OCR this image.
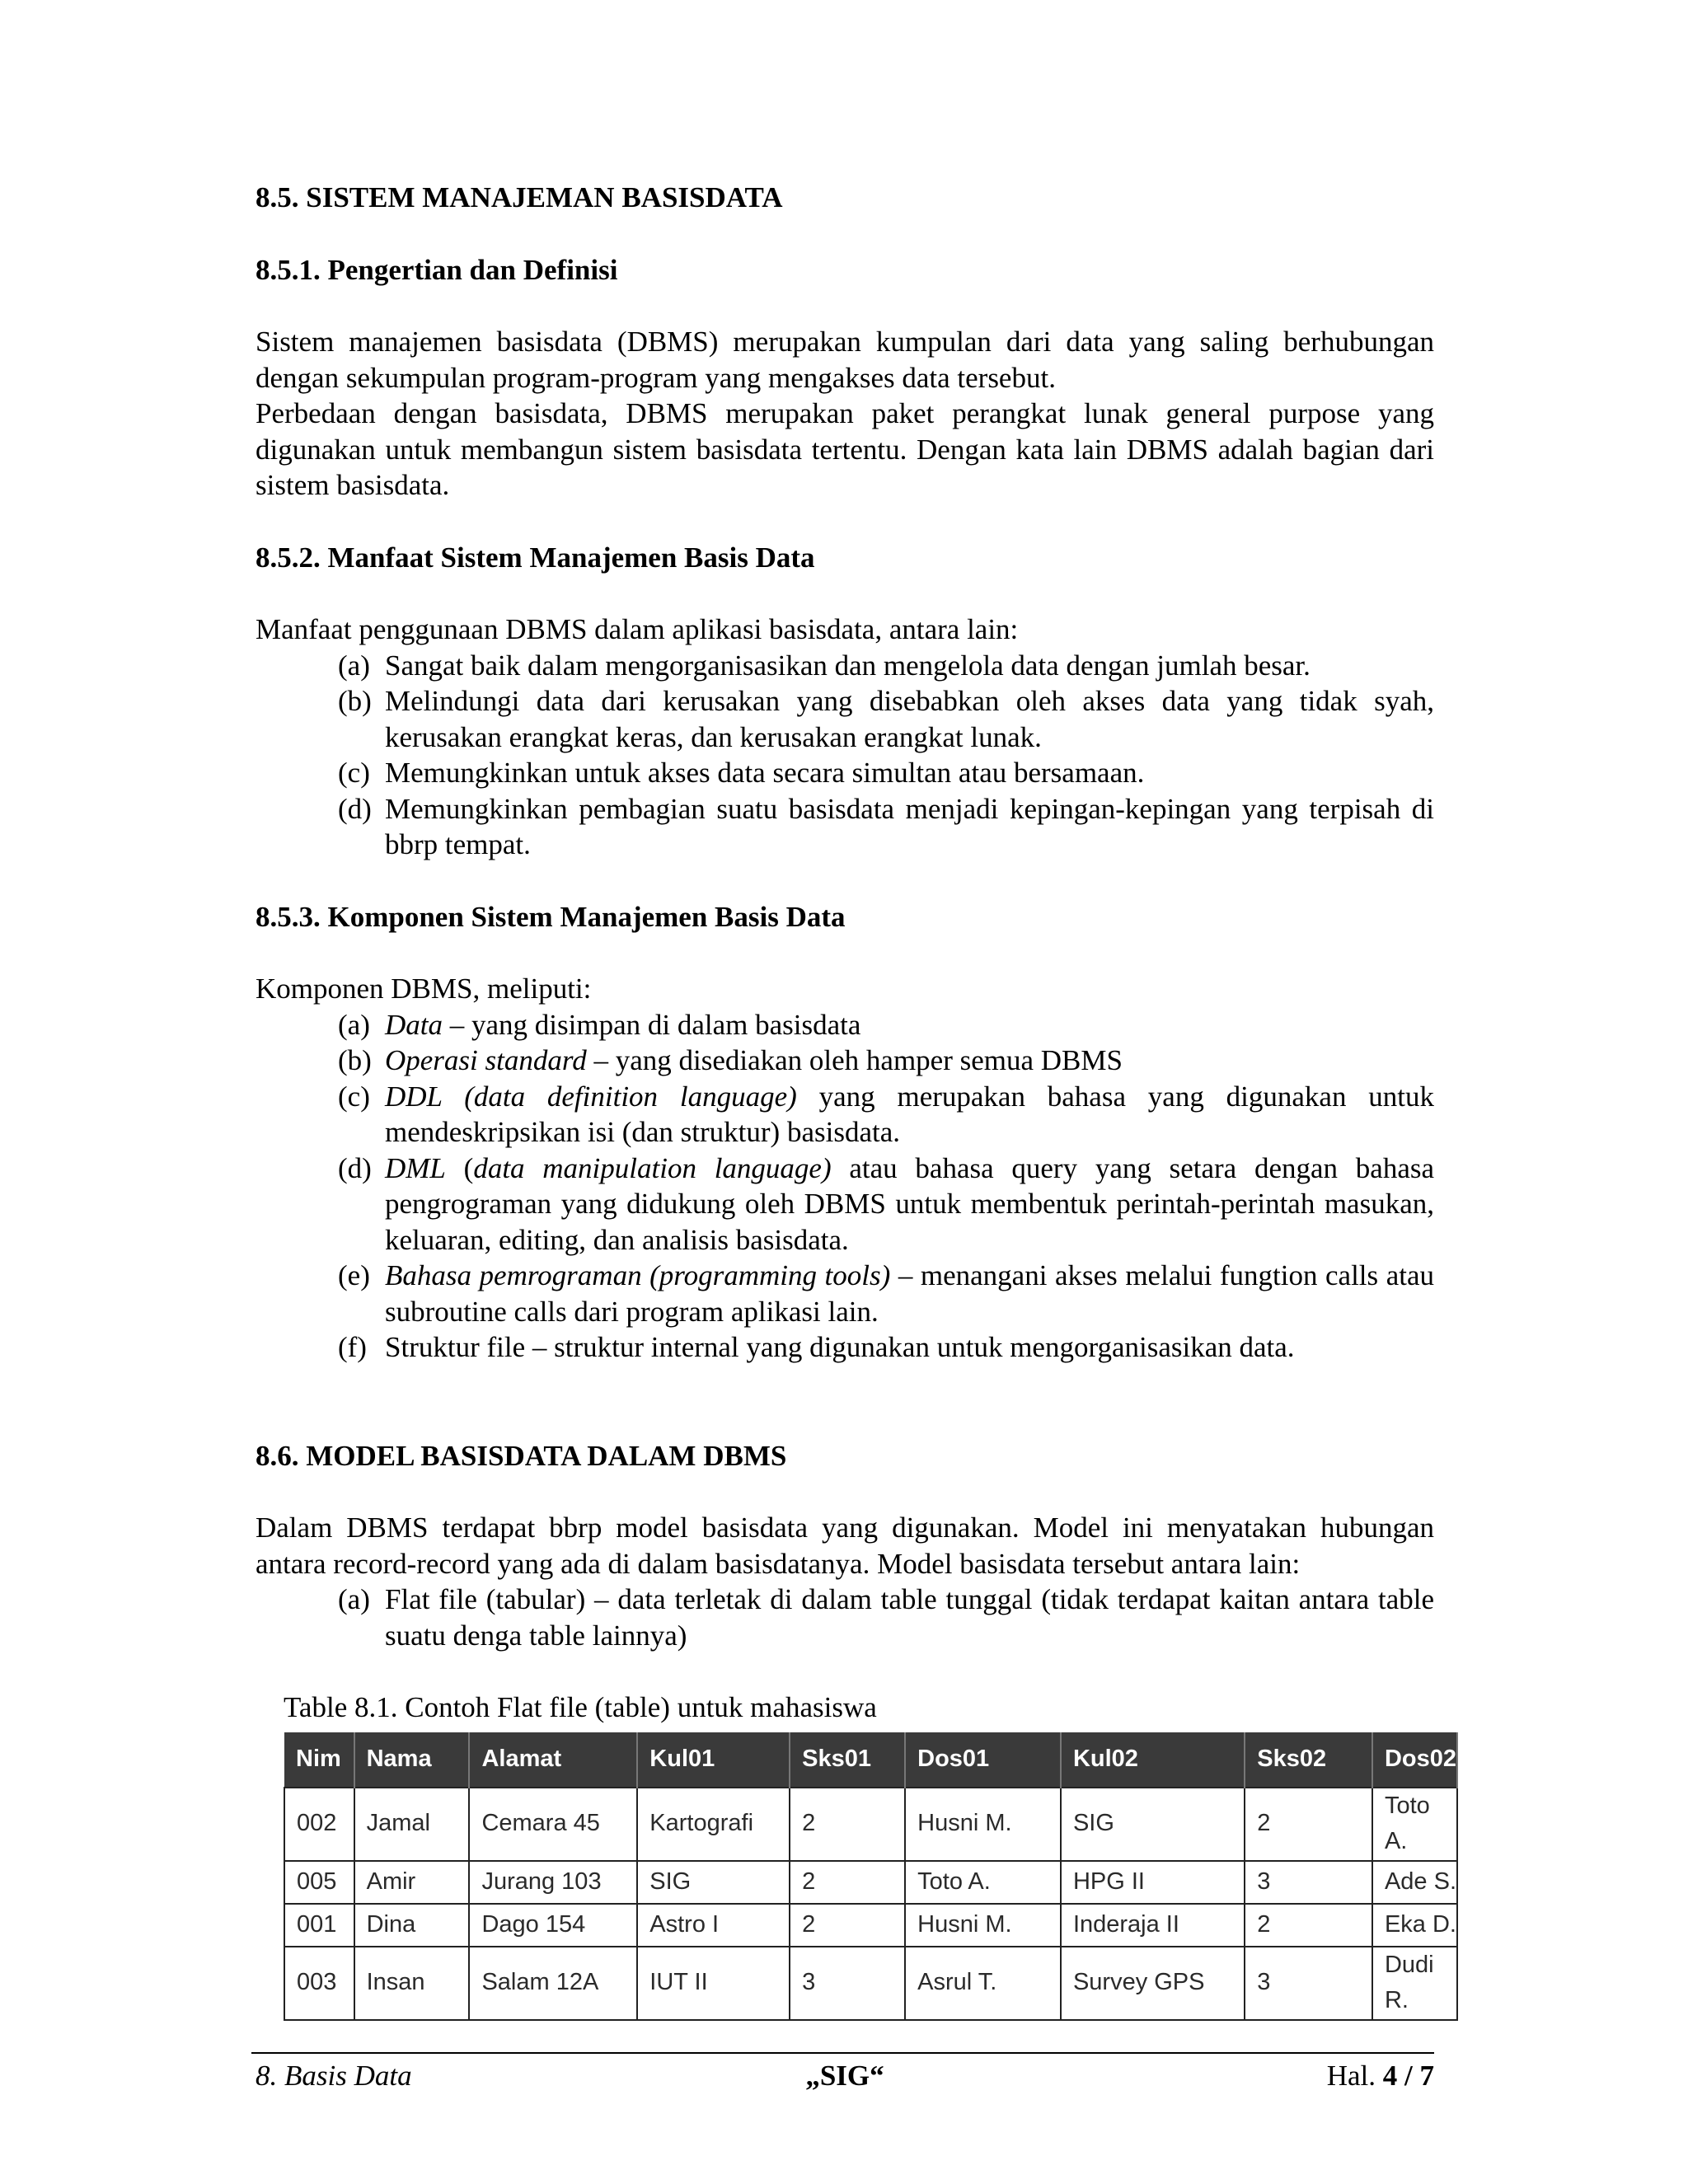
8.5. SISTEM MANAJEMAN BASISDATA

8.5.1. Pengertian dan Definisi

Sistem manajemen basisdata (DBMS) merupakan kumpulan dari data yang saling berhubungan dengan sekumpulan program-program yang mengakses data tersebut.

Perbedaan dengan basisdata, DBMS merupakan paket perangkat lunak general purpose yang digunakan untuk membangun sistem basisdata tertentu. Dengan kata lain DBMS adalah bagian dari sistem basisdata.

8.5.2. Manfaat Sistem Manajemen Basis Data

Manfaat penggunaan DBMS dalam aplikasi basisdata, antara lain:

(a) Sangat baik dalam mengorganisasikan dan mengelola data dengan jumlah besar.
(b) Melindungi data dari kerusakan yang disebabkan oleh akses data yang tidak syah, kerusakan erangkat keras, dan kerusakan erangkat lunak.
(c) Memungkinkan untuk akses data secara simultan atau bersamaan.
(d) Memungkinkan pembagian suatu basisdata menjadi kepingan-kepingan yang terpisah di bbrp tempat.

8.5.3. Komponen Sistem Manajemen Basis Data

Komponen DBMS, meliputi:

(a) Data – yang disimpan di dalam basisdata
(b) Operasi standard – yang disediakan oleh hamper semua DBMS
(c) DDL (data definition language) yang merupakan bahasa yang digunakan untuk mendeskripsikan isi (dan struktur) basisdata.
(d) DML (data manipulation language) atau bahasa query yang setara dengan bahasa pengrograman yang didukung oleh DBMS untuk membentuk perintah-perintah masukan, keluaran, editing, dan analisis basisdata.
(e) Bahasa pemrograman (programming tools) – menangani akses melalui fungtion calls atau subroutine calls dari program aplikasi lain.
(f) Struktur file – struktur internal yang digunakan untuk mengorganisasikan data.

8.6. MODEL BASISDATA DALAM DBMS

Dalam DBMS terdapat bbrp model basisdata yang digunakan. Model ini menyatakan hubungan antara record-record yang ada di dalam basisdatanya. Model basisdata tersebut antara lain:

(a) Flat file (tabular) – data terletak di dalam table tunggal (tidak terdapat kaitan antara table suatu denga table lainnya)

Table 8.1. Contoh Flat file (table) untuk mahasiswa

Nim	Nama	Alamat	Kul01	Sks01	Dos01	Kul02	Sks02	Dos02
002	Jamal	Cemara 45	Kartografi	2	Husni M.	SIG	2	Toto A.
005	Amir	Jurang 103	SIG	2	Toto A.	HPG II	3	Ade S.
001	Dina	Dago 154	Astro I	2	Husni M.	Inderaja II	2	Eka D.
003	Insan	Salam 12A	IUT II	3	Asrul T.	Survey GPS	3	Dudi R.
8. Basis Data	„SIG“	Hal. 4 / 7
